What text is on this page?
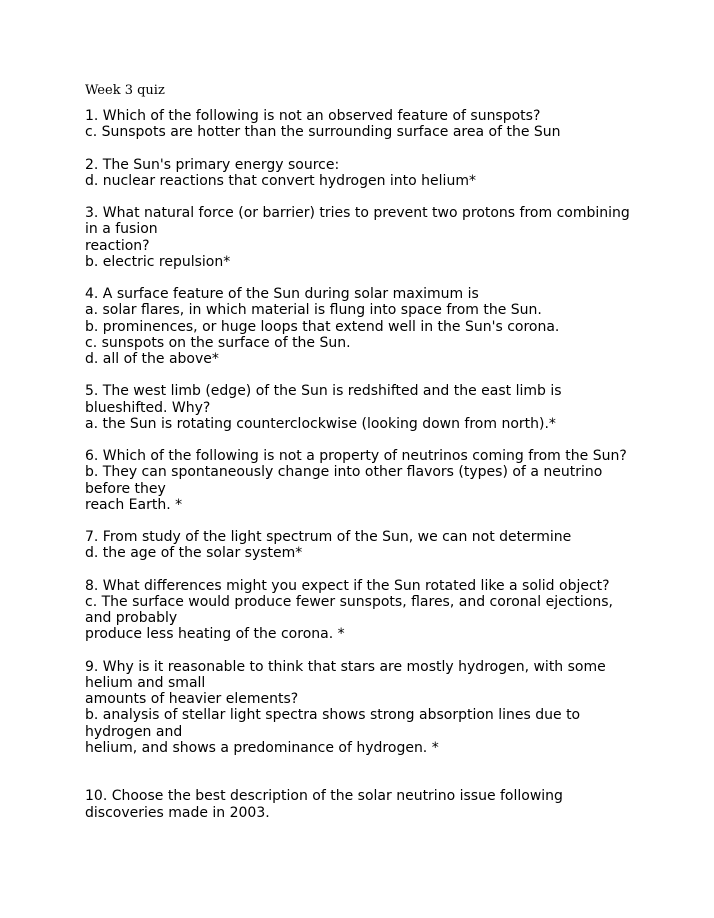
Week 3 quiz
1. Which of the following is not an observed feature of sunspots?
c. Sunspots are hotter than the surrounding surface area of the Sun
2. The Sun's primary energy source:
d. nuclear reactions that convert hydrogen into helium*
3. What natural force (or barrier) tries to prevent two protons from combining
in a fusion
reaction?
b. electric repulsion*
4. A surface feature of the Sun during solar maximum is
a. solar flares, in which material is flung into space from the Sun.
b. prominences, or huge loops that extend well in the Sun's corona.
c. sunspots on the surface of the Sun.
d. all of the above*
5. The west limb (edge) of the Sun is redshifted and the east limb is
blueshifted. Why?
a. the Sun is rotating counterclockwise (looking down from north).*
6. Which of the following is not a property of neutrinos coming from the Sun?
b. They can spontaneously change into other flavors (types) of a neutrino
before they
reach Earth. *
7. From study of the light spectrum of the Sun, we can not determine
d. the age of the solar system*
8. What differences might you expect if the Sun rotated like a solid object?
c. The surface would produce fewer sunspots, flares, and coronal ejections,
and probably
produce less heating of the corona. *
9. Why is it reasonable to think that stars are mostly hydrogen, with some
helium and small
amounts of heavier elements?
b. analysis of stellar light spectra shows strong absorption lines due to
hydrogen and
helium, and shows a predominance of hydrogen. *
10. Choose the best description of the solar neutrino issue following
discoveries made in 2003.
